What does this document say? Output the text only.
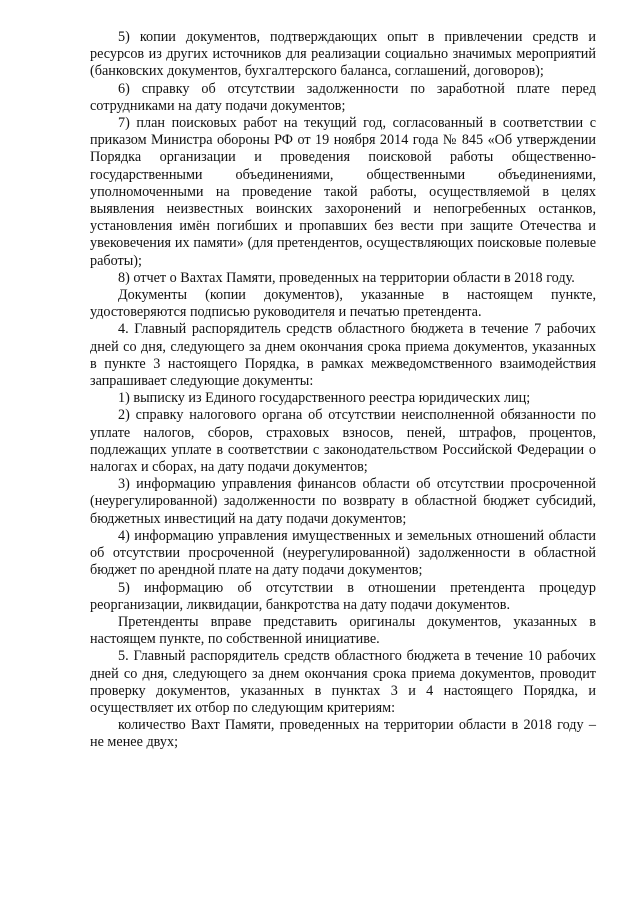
5) копии документов, подтверждающих опыт в привлечении средств и ресурсов из других источников для реализации социально значимых мероприятий (банковских документов, бухгалтерского баланса, соглашений, договоров);

6) справку об отсутствии задолженности по заработной плате перед сотрудниками на дату подачи документов;

7) план поисковых работ на текущий год, согласованный в соответствии с приказом Министра обороны РФ от 19 ноября 2014 года № 845 «Об утверждении Порядка организации и проведения поисковой работы общественно-государственными объединениями, общественными объединениями, уполномоченными на проведение такой работы, осуществляемой в целях выявления неизвестных воинских захоронений и непогребенных останков, установления имён погибших и пропавших без вести при защите Отечества и увековечения их памяти» (для претендентов, осуществляющих поисковые полевые работы);

8) отчет о Вахтах Памяти, проведенных на территории области в 2018 году.

Документы (копии документов), указанные в настоящем пункте, удостоверяются подписью руководителя и печатью претендента.

4. Главный распорядитель средств областного бюджета в течение 7 рабочих дней со дня, следующего за днем окончания срока приема документов, указанных в пункте 3 настоящего Порядка, в рамках межведомственного взаимодействия запрашивает следующие документы:

1) выписку из Единого государственного реестра юридических лиц;

2) справку налогового органа об отсутствии неисполненной обязанности по уплате налогов, сборов, страховых взносов, пеней, штрафов, процентов, подлежащих уплате в соответствии с законодательством Российской Федерации о налогах и сборах, на дату подачи документов;

3) информацию управления финансов области об отсутствии просроченной (неурегулированной) задолженности по возврату в областной бюджет субсидий, бюджетных инвестиций на дату подачи документов;

4) информацию управления имущественных и земельных отношений области об отсутствии просроченной (неурегулированной) задолженности в областной бюджет по арендной плате на дату подачи документов;

5) информацию об отсутствии в отношении претендента процедур реорганизации, ликвидации, банкротства на дату подачи документов.

Претенденты вправе представить оригиналы документов, указанных в настоящем пункте, по собственной инициативе.

5. Главный распорядитель средств областного бюджета в течение 10 рабочих дней со дня, следующего за днем окончания срока приема документов, проводит проверку документов, указанных в пунктах 3 и 4 настоящего Порядка, и осуществляет их отбор по следующим критериям:

количество Вахт Памяти, проведенных на территории области в 2018 году – не менее двух;
